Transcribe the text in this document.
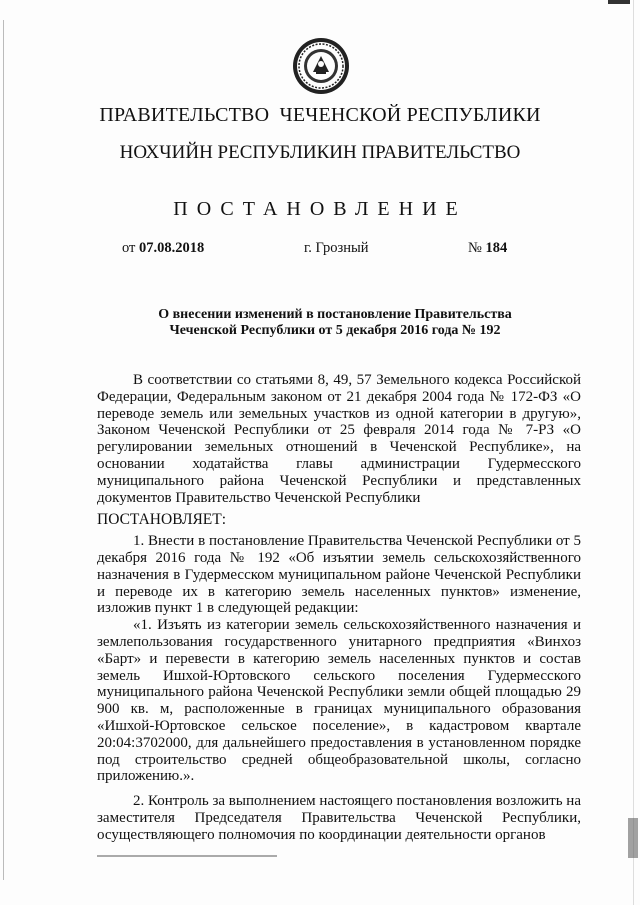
ПРАВИТЕЛЬСТВО  ЧЕЧЕНСКОЙ РЕСПУБЛИКИ
НОХЧИЙН РЕСПУБЛИКИН ПРАВИТЕЛЬСТВО
ПОСТАНОВЛЕНИЕ
от 07.08.2018	г. Грозный	№ 184
О внесении изменений в постановление Правительства
Чеченской Республики от 5 декабря 2016 года № 192

В соответствии со статьями 8, 49, 57 Земельного кодекса Российской Федерации, Федеральным законом от 21 декабря 2004 года № 172-ФЗ «О переводе земель или земельных участков из одной категории в другую», Законом Чеченской Республики от 25 февраля 2014 года № 7-РЗ «О регулировании земельных отношений в Чеченской Республике», на основании ходатайства главы администрации Гудермесского муниципального района Чеченской Республики и представленных документов Правительство Чеченской Республики

ПОСТАНОВЛЯЕТ:

1. Внести в постановление Правительства Чеченской Республики от 5 декабря 2016 года № 192 «Об изъятии земель сельскохозяйственного назначения в Гудермесском муниципальном районе Чеченской Республики и переводе их в категорию земель населенных пунктов» изменение, изложив пункт 1 в следующей редакции:

«1. Изъять из категории земель сельскохозяйственного назначения и землепользования государственного унитарного предприятия «Винхоз «Барт» и перевести в категорию земель населенных пунктов и состав земель Ишхой-Юртовского сельского поселения Гудермесского муниципального района Чеченской Республики земли общей площадью 29 900 кв. м, расположенные в границах муниципального образования «Ишхой-Юртовское сельское поселение», в кадастровом квартале 20:04:3702000, для дальнейшего предоставления в установленном порядке под строительство средней общеобразовательной школы, согласно приложению.».

2. Контроль за выполнением настоящего постановления возложить на заместителя Председателя Правительства Чеченской Республики, осуществляющего полномочия по координации деятельности органов
